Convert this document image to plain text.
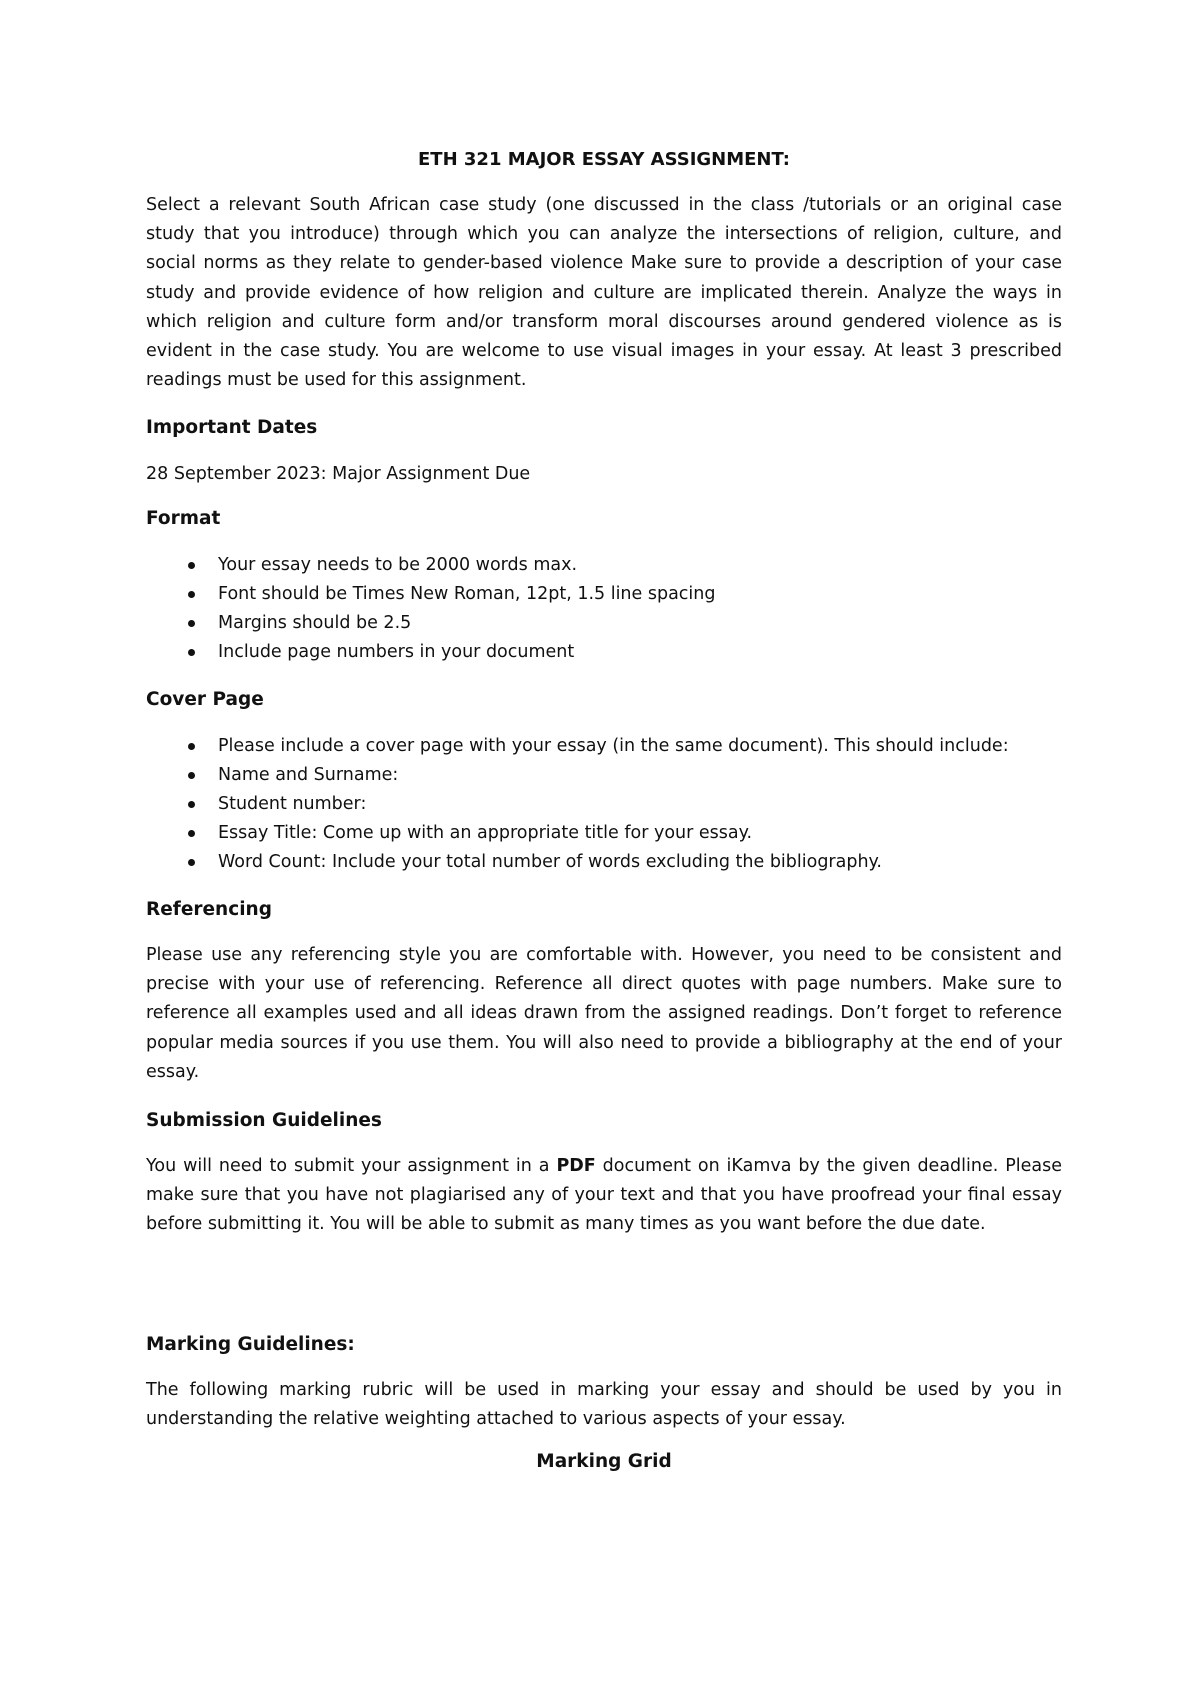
ETH 321 MAJOR ESSAY ASSIGNMENT:

Select a relevant South African case study (one discussed in the class /tutorials or an original case study that you introduce) through which you can analyze the intersections of religion, culture, and social norms as they relate to gender-based violence Make sure to provide a description of your case study and provide evidence of how religion and culture are implicated therein. Analyze the ways in which religion and culture form and/or transform moral discourses around gendered violence as is evident in the case study. You are welcome to use visual images in your essay. At least 3 prescribed readings must be used for this assignment.

Important Dates

28 September 2023: Major Assignment Due

Format
Your essay needs to be 2000 words max.
Font should be Times New Roman, 12pt, 1.5 line spacing
Margins should be 2.5
Include page numbers in your document
Cover Page
Please include a cover page with your essay (in the same document). This should include:
Name and Surname:
Student number:
Essay Title: Come up with an appropriate title for your essay.
Word Count: Include your total number of words excluding the bibliography.
Referencing

Please use any referencing style you are comfortable with. However, you need to be consistent and precise with your use of referencing. Reference all direct quotes with page numbers. Make sure to reference all examples used and all ideas drawn from the assigned readings. Don’t forget to reference popular media sources if you use them. You will also need to provide a bibliography at the end of your essay.

Submission Guidelines

You will need to submit your assignment in a PDF document on iKamva by the given deadline. Please make sure that you have not plagiarised any of your text and that you have proofread your final essay before submitting it. You will be able to submit as many times as you want before the due date.

Marking Guidelines:

The following marking rubric will be used in marking your essay and should be used by you in understanding the relative weighting attached to various aspects of your essay.

Marking Grid
